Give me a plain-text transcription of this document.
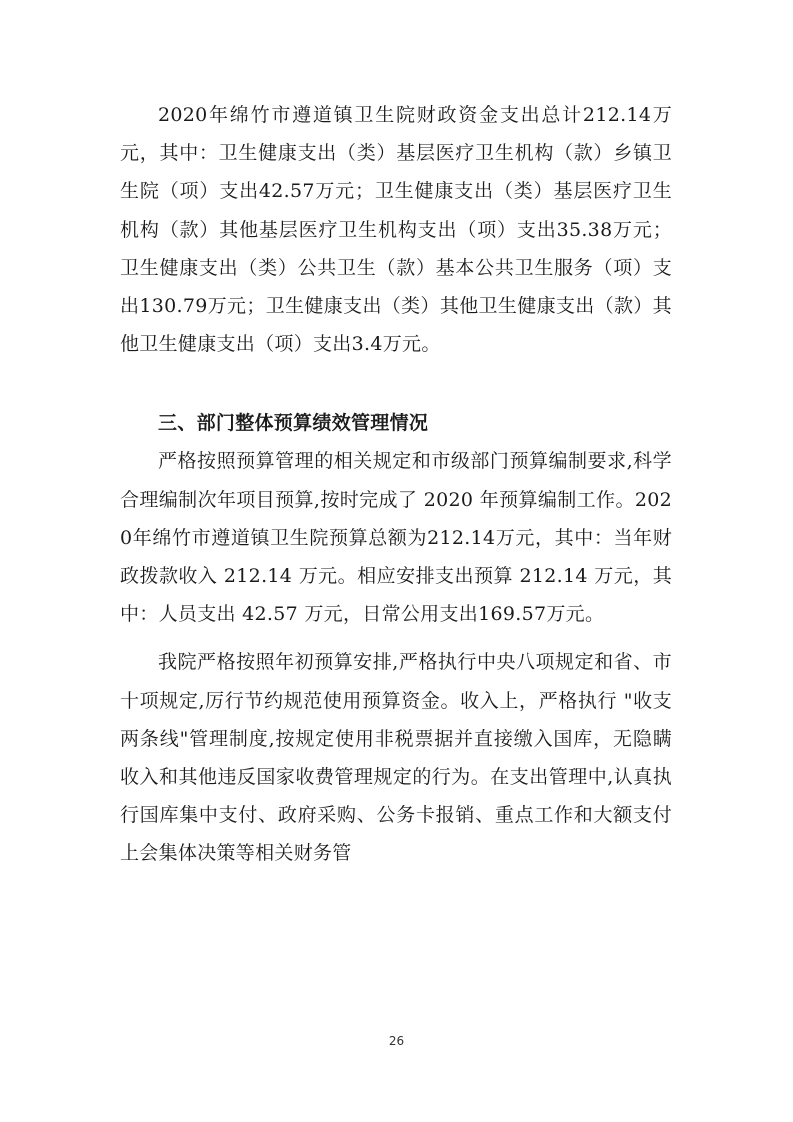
2020年绵竹市遵道镇卫生院财政资金支出总计212.14万元，其中：卫生健康支出（类）基层医疗卫生机构（款）乡镇卫生院（项）支出42.57万元；卫生健康支出（类）基层医疗卫生机构（款）其他基层医疗卫生机构支出（项）支出35.38万元；卫生健康支出（类）公共卫生（款）基本公共卫生服务（项）支出130.79万元；卫生健康支出（类）其他卫生健康支出（款）其他卫生健康支出（项）支出3.4万元。

三、部门整体预算绩效管理情况

严格按照预算管理的相关规定和市级部门预算编制要求,科学合理编制次年项目预算,按时完成了 2020 年预算编制工作。2020年绵竹市遵道镇卫生院预算总额为212.14万元，其中：当年财政拨款收入 212.14 万元。相应安排支出预算 212.14 万元，其中：人员支出 42.57 万元，日常公用支出169.57万元。

我院严格按照年初预算安排,严格执行中央八项规定和省、市十项规定,厉行节约规范使用预算资金。收入上，严格执行 "收支两条线"管理制度,按规定使用非税票据并直接缴入国库，无隐瞒收入和其他违反国家收费管理规定的行为。在支出管理中,认真执行国库集中支付、政府采购、公务卡报销、重点工作和大额支付上会集体决策等相关财务管

26
